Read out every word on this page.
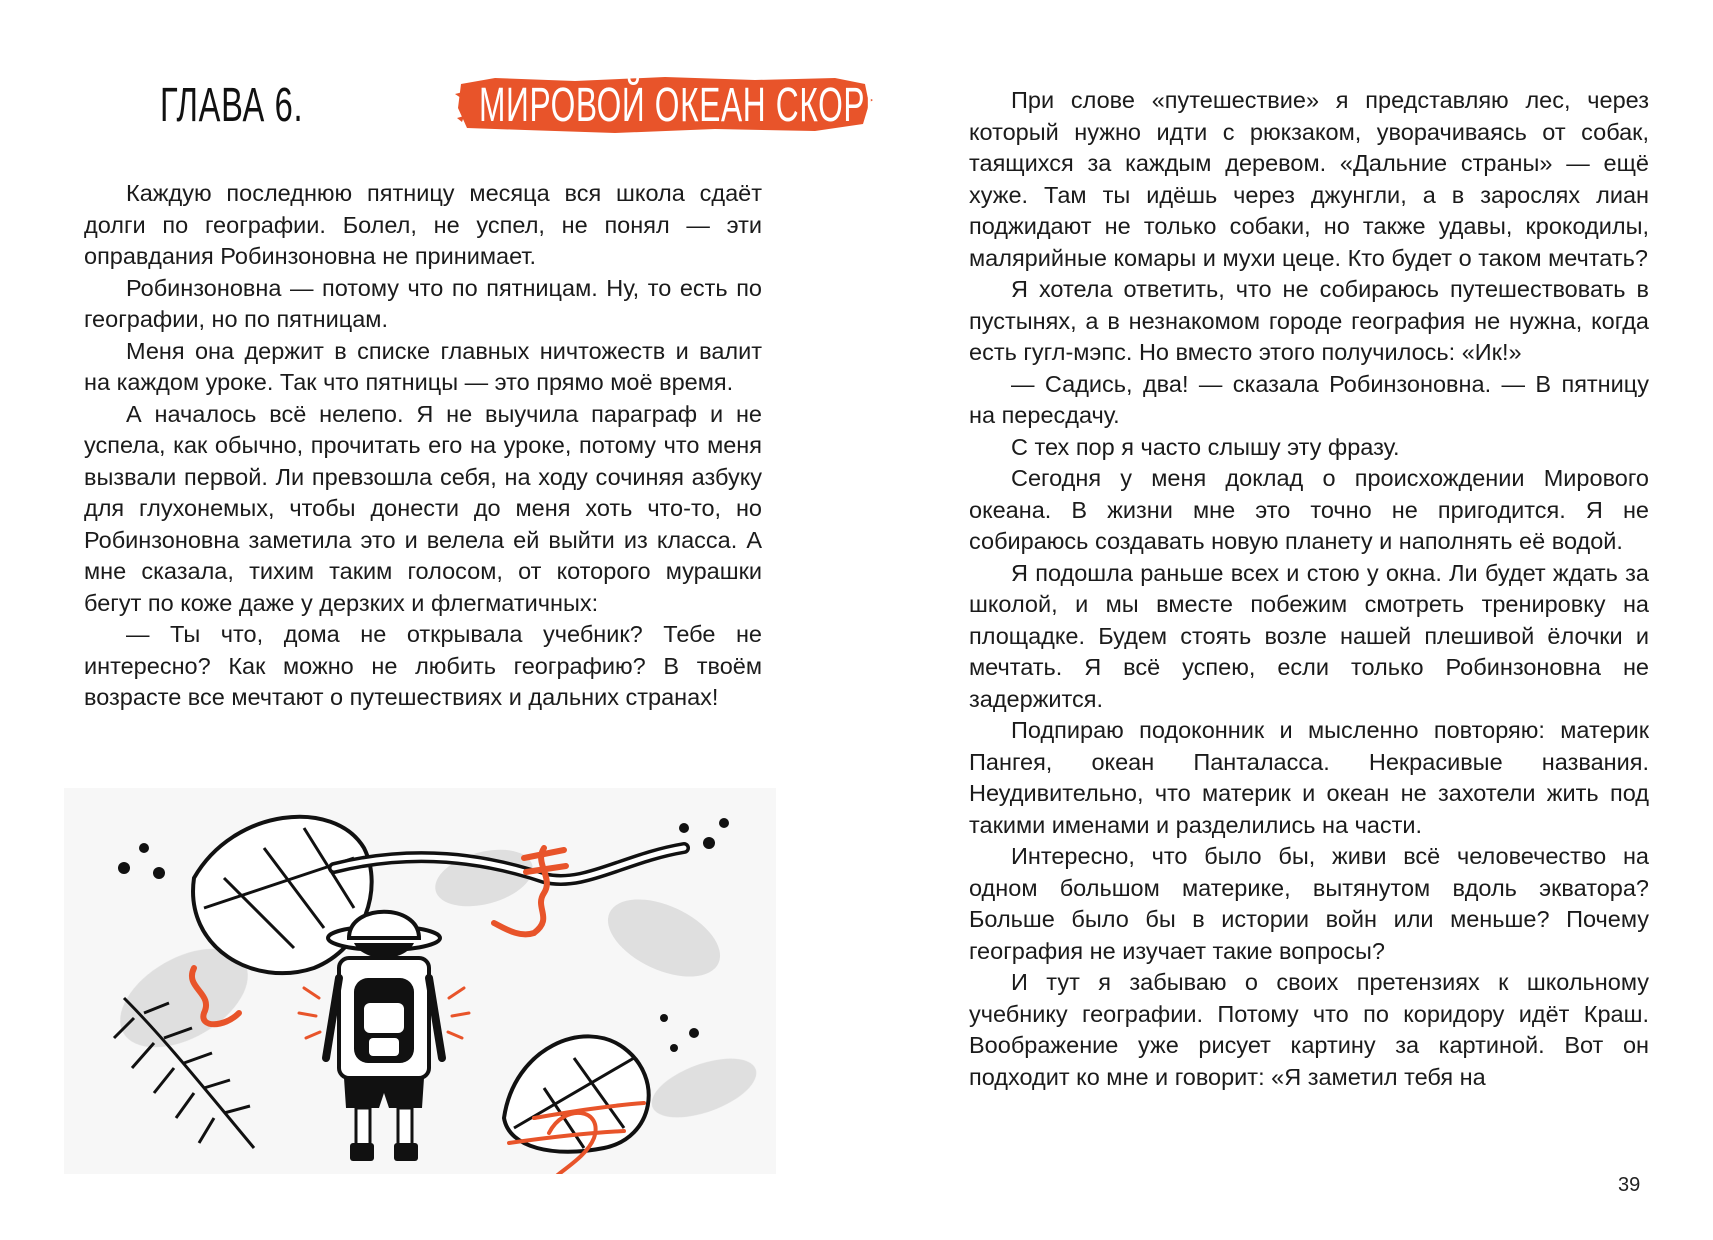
ГЛАВА 6.	МИРОВОЙ ОКЕАН СКОРБИ

Каждую последнюю пятницу месяца вся школа сдаёт долги по географии. Болел, не успел, не понял — эти оправдания Робинзоновна не принимает.

Робинзоновна — потому что по пятницам. Ну, то есть по географии, но по пятницам.

Меня она держит в списке главных ничтожеств и валит на каждом уроке. Так что пятницы — это прямо моё время.

А началось всё нелепо. Я не выучила параграф и не успела, как обычно, прочитать его на уроке, потому что меня вызвали первой. Ли превзошла себя, на ходу сочиняя азбуку для глухонемых, чтобы донести до меня хоть что-то, но Робинзоновна заметила это и велела ей выйти из класса. А мне сказала, тихим таким голосом, от которого мурашки бегут по коже даже у дерзких и флегматичных:

— Ты что, дома не открывала учебник? Тебе не интересно? Как можно не любить географию? В твоём возрасте все мечтают о путешествиях и дальних странах!

При слове «путешествие» я представляю лес, через который нужно идти с рюкзаком, уворачиваясь от собак, таящихся за каждым деревом. «Дальние страны» — ещё хуже. Там ты идёшь через джунгли, а в зарослях лиан поджидают не только собаки, но также удавы, крокодилы, малярийные комары и мухи цеце. Кто будет о таком мечтать?

Я хотела ответить, что не собираюсь путешествовать в пустынях, а в незнакомом городе география не нужна, когда есть гугл-мэпс. Но вместо этого получилось: «Ик!»

— Садись, два! — сказала Робинзоновна. — В пятницу на пересдачу.

С тех пор я часто слышу эту фразу.

Сегодня у меня доклад о происхождении Мирового океана. В жизни мне это точно не пригодится. Я не собираюсь создавать новую планету и наполнять её водой.

Я подошла раньше всех и стою у окна. Ли будет ждать за школой, и мы вместе побежим смотреть тренировку на площадке. Будем стоять возле нашей плешивой ёлочки и мечтать. Я всё успею, если только Робинзоновна не задержится.

Подпираю подоконник и мысленно повторяю: материк Пангея, океан Панталасса. Некрасивые названия. Неудивительно, что материк и океан не захотели жить под такими именами и разделились на части.

Интересно, что было бы, живи всё человечество на одном большом материке, вытянутом вдоль экватора? Больше было бы в истории войн или меньше? Почему география не изучает такие вопросы?

И тут я забываю о своих претензиях к школьному учебнику географии. Потому что по коридору идёт Краш. Воображение уже рисует картину за картиной. Вот он подходит ко мне и говорит: «Я заметил тебя на

39
